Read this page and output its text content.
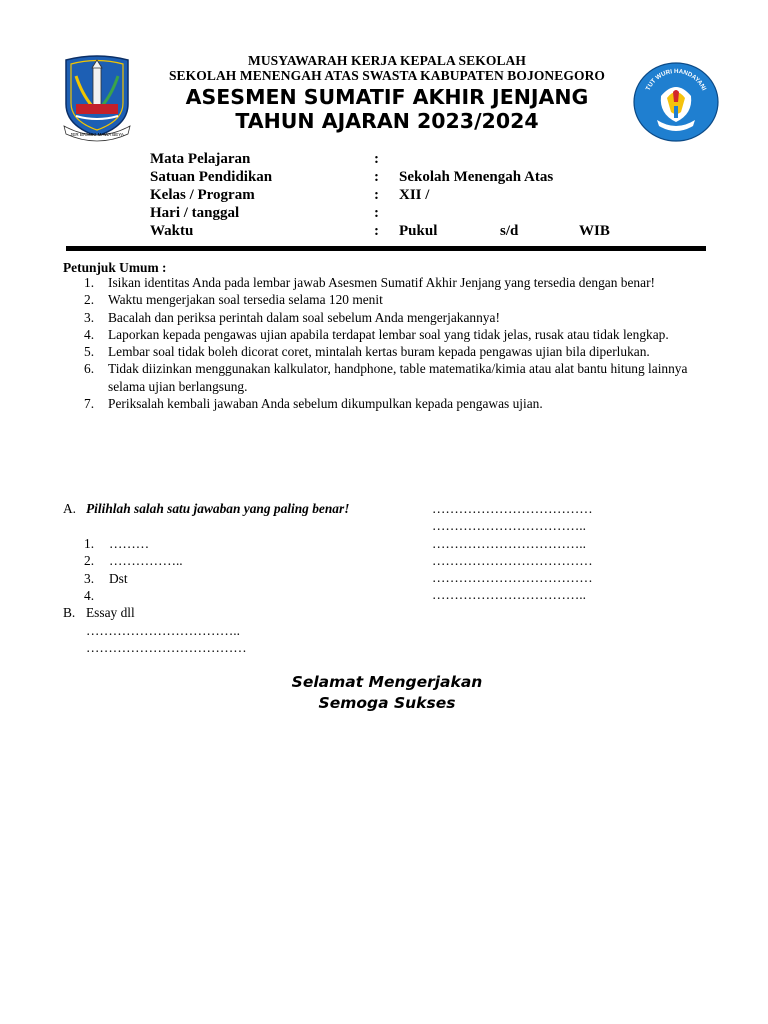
MUSYAWARAH KERJA KEPALA SEKOLAH
SEKOLAH MENENGAH ATAS SWASTA KABUPATEN BOJONEGORO
ASESMEN SUMATIF AKHIR JENJANG
TAHUN AJARAN 2023/2024
JER BASUKI MAWA BEYA
TUT WURI HANDAYANI
Mata Pelajaran	:
Satuan Pendidikan	: Sekolah Menengah Atas
Kelas / Program	: XII /
Hari / tanggal	:
Waktu	: Pukul	s/d	WIB
Petunjuk Umum :
1.	Isikan identitas Anda pada lembar jawab Asesmen Sumatif Akhir Jenjang yang tersedia dengan benar!
2.	Waktu mengerjakan soal tersedia selama 120 menit
3.	Bacalah dan periksa perintah dalam soal sebelum Anda mengerjakannya!
4.	Laporkan kepada pengawas ujian apabila terdapat lembar soal yang tidak jelas, rusak atau tidak lengkap.
5.	Lembar soal tidak boleh dicorat coret, mintalah kertas buram kepada pengawas ujian bila diperlukan.
6.	Tidak diizinkan menggunakan kalkulator, handphone, table matematika/kimia atau alat bantu hitung lainnya selama ujian berlangsung.
7.	Periksalah kembali jawaban Anda sebelum dikumpulkan kepada pengawas ujian.
A. Pilihlah salah satu jawaban yang paling benar!
1. ………
2. ……………..
3. Dst
4.
………………………………
……………………………..
……………………………..
………………………………
………………………………
……………………………..
B. Essay dll
……………………………..
………………………………
Selamat Mengerjakan
Semoga Sukses
